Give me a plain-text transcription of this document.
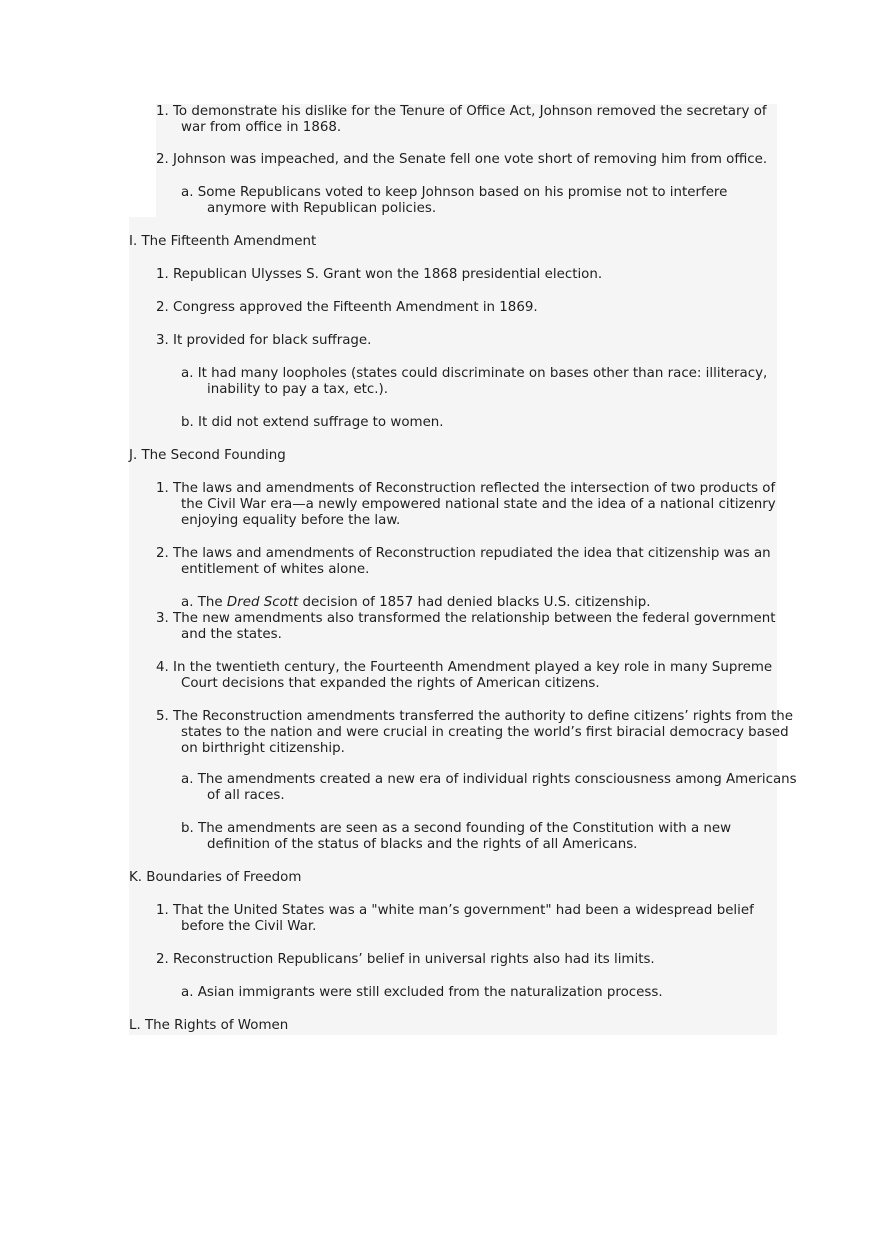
1. To demonstrate his dislike for the Tenure of Office Act, Johnson removed the secretary of
war from office in 1868.
2. Johnson was impeached, and the Senate fell one vote short of removing him from office.
a. Some Republicans voted to keep Johnson based on his promise not to interfere
anymore with Republican policies.
I. The Fifteenth Amendment
1. Republican Ulysses S. Grant won the 1868 presidential election.
2. Congress approved the Fifteenth Amendment in 1869.
3. It provided for black suffrage.
a. It had many loopholes (states could discriminate on bases other than race: illiteracy,
inability to pay a tax, etc.).
b. It did not extend suffrage to women.
J. The Second Founding
1. The laws and amendments of Reconstruction reflected the intersection of two products of
the Civil War era—a newly empowered national state and the idea of a national citizenry
enjoying equality before the law.
2. The laws and amendments of Reconstruction repudiated the idea that citizenship was an
entitlement of whites alone.
a. The Dred Scott decision of 1857 had denied blacks U.S. citizenship.
3. The new amendments also transformed the relationship between the federal government
and the states.
4. In the twentieth century, the Fourteenth Amendment played a key role in many Supreme
Court decisions that expanded the rights of American citizens.
5. The Reconstruction amendments transferred the authority to define citizens’ rights from the
states to the nation and were crucial in creating the world’s first biracial democracy based
on birthright citizenship.
a. The amendments created a new era of individual rights consciousness among Americans
of all races.
b. The amendments are seen as a second founding of the Constitution with a new
definition of the status of blacks and the rights of all Americans.
K. Boundaries of Freedom
1. That the United States was a "white man’s government" had been a widespread belief
before the Civil War.
2. Reconstruction Republicans’ belief in universal rights also had its limits.
a. Asian immigrants were still excluded from the naturalization process.
L. The Rights of Women
